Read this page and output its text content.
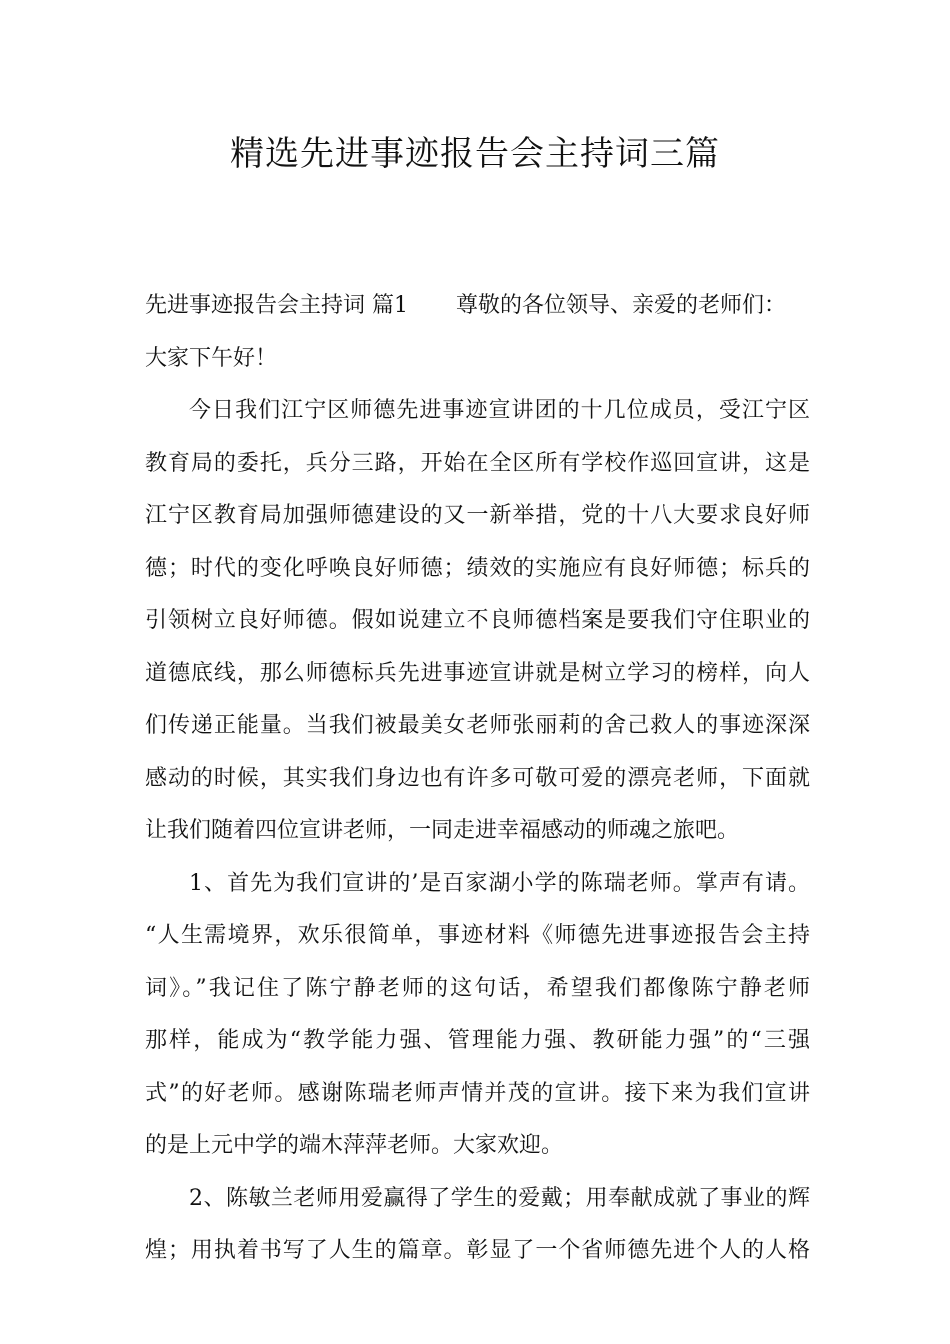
精选先进事迹报告会主持词三篇
先进事迹报告会主持词 篇1 尊敬的各位领导、亲爱的老师们：
大家下午好！
今日我们江宁区师德先进事迹宣讲团的十几位成员，受江宁区
教育局的委托，兵分三路，开始在全区所有学校作巡回宣讲，这是
江宁区教育局加强师德建设的又一新举措，党的十八大要求良好师
德；时代的变化呼唤良好师德；绩效的实施应有良好师德；标兵的
引领树立良好师德。假如说建立不良师德档案是要我们守住职业的
道德底线，那么师德标兵先进事迹宣讲就是树立学习的榜样，向人
们传递正能量。当我们被最美女老师张丽莉的舍己救人的事迹深深
感动的时候，其实我们身边也有许多可敬可爱的漂亮老师，下面就
让我们随着四位宣讲老师，一同走进幸福感动的师魂之旅吧。
1、首先为我们宣讲的’是百家湖小学的陈瑞老师。掌声有请。
“人生需境界，欢乐很简单，事迹材料《师德先进事迹报告会主持
词》。”我记住了陈宁静老师的这句话，希望我们都像陈宁静老师
那样，能成为“教学能力强、管理能力强、教研能力强”的“三强
式”的好老师。感谢陈瑞老师声情并茂的宣讲。接下来为我们宣讲
的是上元中学的端木萍萍老师。大家欢迎。
2、陈敏兰老师用爱赢得了学生的爱戴；用奉献成就了事业的辉
煌；用执着书写了人生的篇章。彰显了一个省师德先进个人的人格
